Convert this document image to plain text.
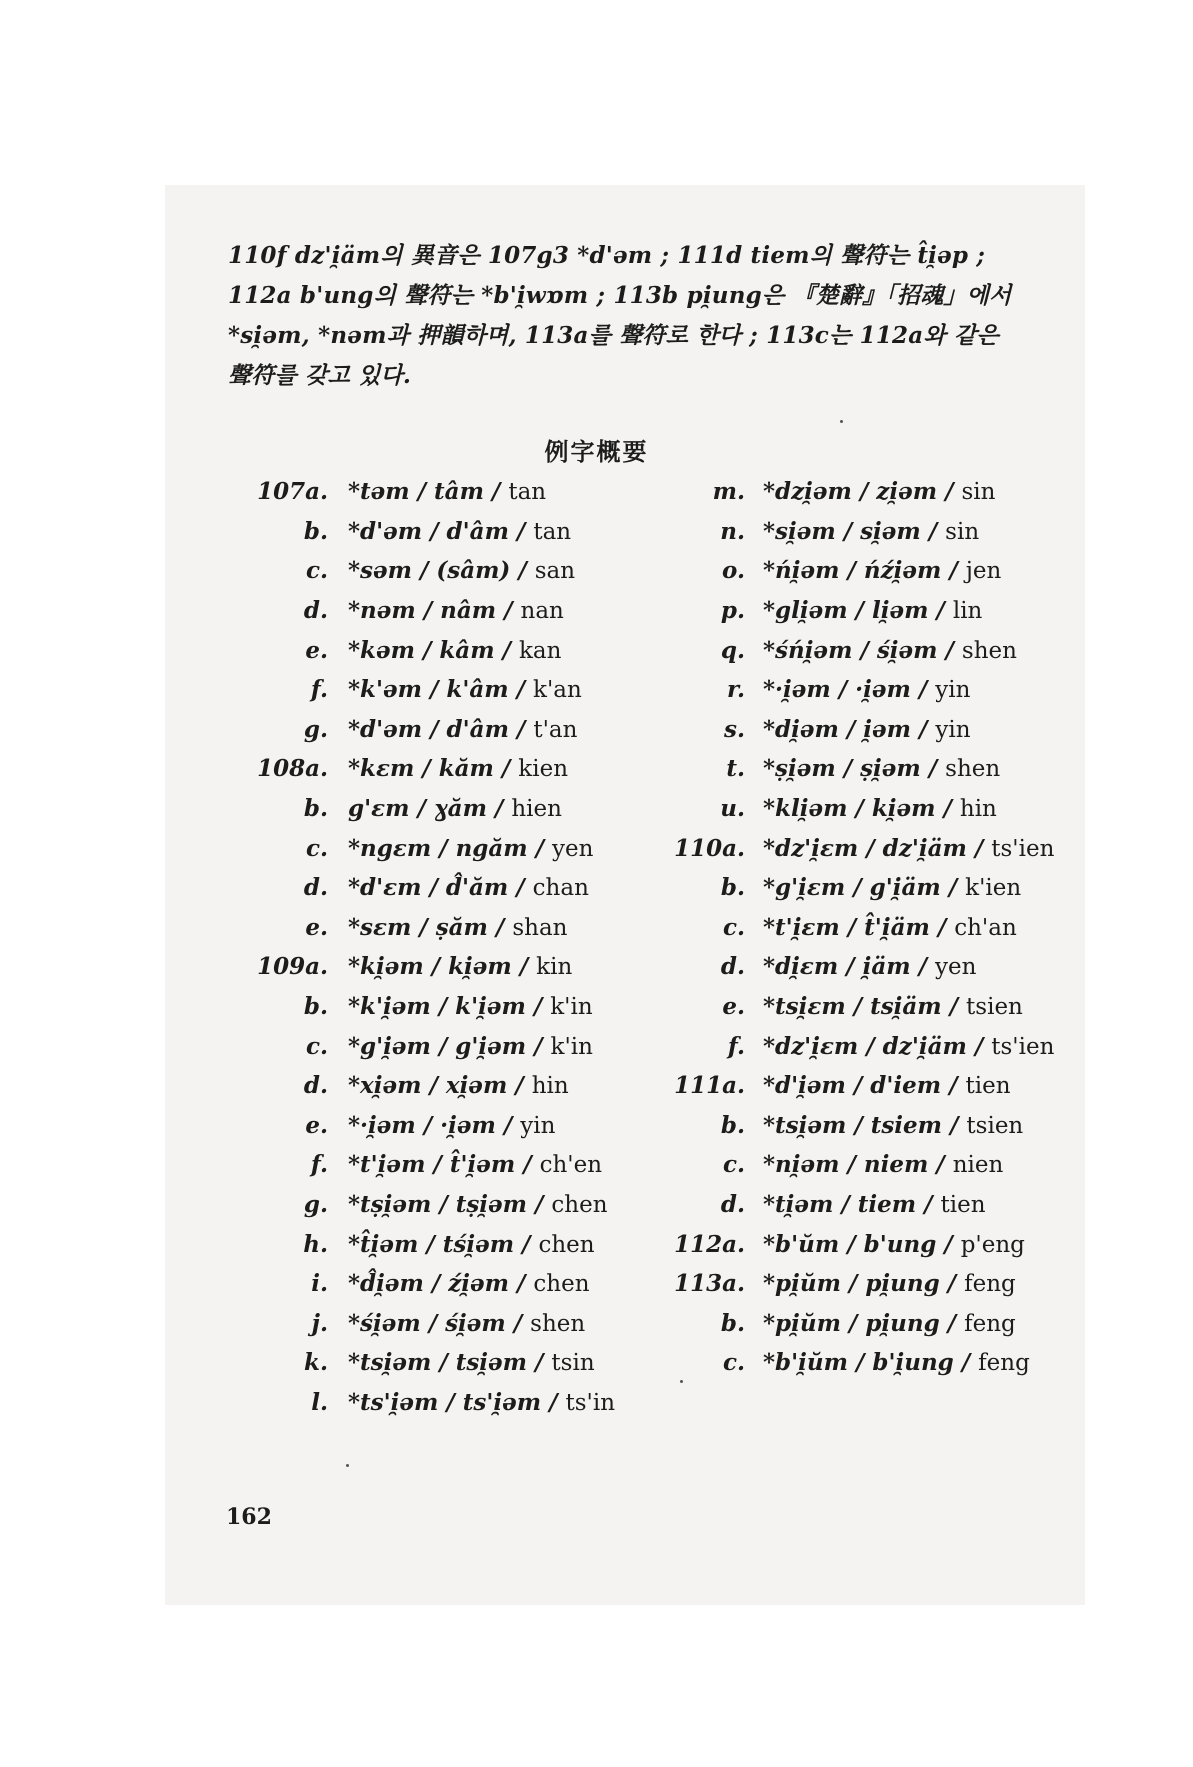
110f dz'i̯äm의 異音은 107g3 *d'əm ; 111d tiem의 聲符는 t̂i̯əp ;
112a b'ung의 聲符는 *b'i̯wɒm ; 113b pi̯ung은 『楚辭』「招魂」에서
*si̯əm, *nəm과 押韻하며, 113a를 聲符로 한다 ; 113c는 112a와 같은
聲符를 갖고 있다.
例字概要
107a. *təm / tâm / tan
b. *d'əm / d'âm / tan
c. *səm / (sâm) / san
d. *nəm / nâm / nan
e. *kəm / kâm / kan
f. *k'əm / k'âm / k'an
g. *d'əm / d'âm / t'an
108a. *kɛm / kăm / kien
b. g'ɛm / ɣăm / hien
c. *ngɛm / ngăm / yen
d. *d'ɛm / d̂'ăm / chan
e. *sɛm / ṣăm / shan
109a. *ki̯əm / ki̯əm / kin
b. *k'i̯əm / k'i̯əm / k'in
c. *g'i̯əm / g'i̯əm / k'in
d. *xi̯əm / xi̯əm / hin
e. *·i̯əm / ·i̯əm / yin
f. *t'i̯əm / t̂'i̯əm / ch'en
g. *tṣi̯əm / tṣi̯əm / chen
h. *t̂i̯əm / tśi̯əm / chen
i. *d̂i̯əm / źi̯əm / chen
j. *śi̯əm / śi̯əm / shen
k. *tsi̯əm / tsi̯əm / tsin
l. *ts'i̯əm / ts'i̯əm / ts'in
m. *dzi̯əm / zi̯əm / sin
n. *si̯əm / si̯əm / sin
o. *ńi̯əm / ńźi̯əm / jen
p. *gli̯əm / li̯əm / lin
q. *śńi̯əm / śi̯əm / shen
r. *·i̯əm / ·i̯əm / yin
s. *di̯əm / i̯əm / yin
t. *ṣi̯əm / ṣi̯əm / shen
u. *kli̯əm / ki̯əm / hin
110a. *dz'i̯ɛm / dz'i̯äm / ts'ien
b. *g'i̯ɛm / g'i̯äm / k'ien
c. *t'i̯ɛm / t̂'i̯äm / ch'an
d. *di̯ɛm / i̯äm / yen
e. *tsi̯ɛm / tsi̯äm / tsien
f. *dz'i̯ɛm / dz'i̯äm / ts'ien
111a. *d'i̯əm / d'iem / tien
b. *tsi̯əm / tsiem / tsien
c. *ni̯əm / niem / nien
d. *ti̯əm / tiem / tien
112a. *b'ŭm / b'ung / p'eng
113a. *pi̯ŭm / pi̯ung / feng
b. *pi̯ŭm / pi̯ung / feng
c. *b'i̯ŭm / b'i̯ung / feng
162
